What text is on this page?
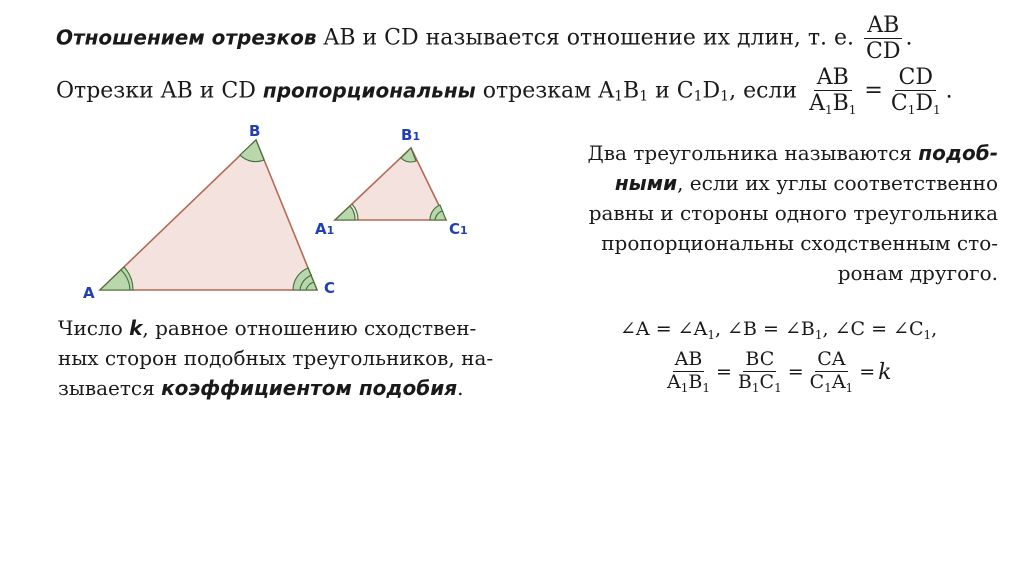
Отношением отрезков AB и CD называется отношение их длин, т. е. $\frac{AB}{CD}$ .
Отрезки AB и CD пропорциональны отрезкам A1B1 и C1D1, если $\frac{AB}{A_1B_1} = \frac{CD}{C_1D_1}$ .
A
B
C
A1
B1
C1
Два треугольника называются подоб-
ными, если их углы соответственно
равны и стороны одного треугольника
пропорциональны сходственным сто-
ронам другого.
Число k, равное отношению сходствен-
ных сторон подобных треугольников, на-
зывается коэффициентом подобия.
∠A = $\angle A_1$, ∠B = $\angle B_1$, ∠C = $\angle C_1$,
$\frac{AB}{A_1B_1} = \frac{BC}{B_1C_1} = \frac{CA}{C_1A_1} = k$
